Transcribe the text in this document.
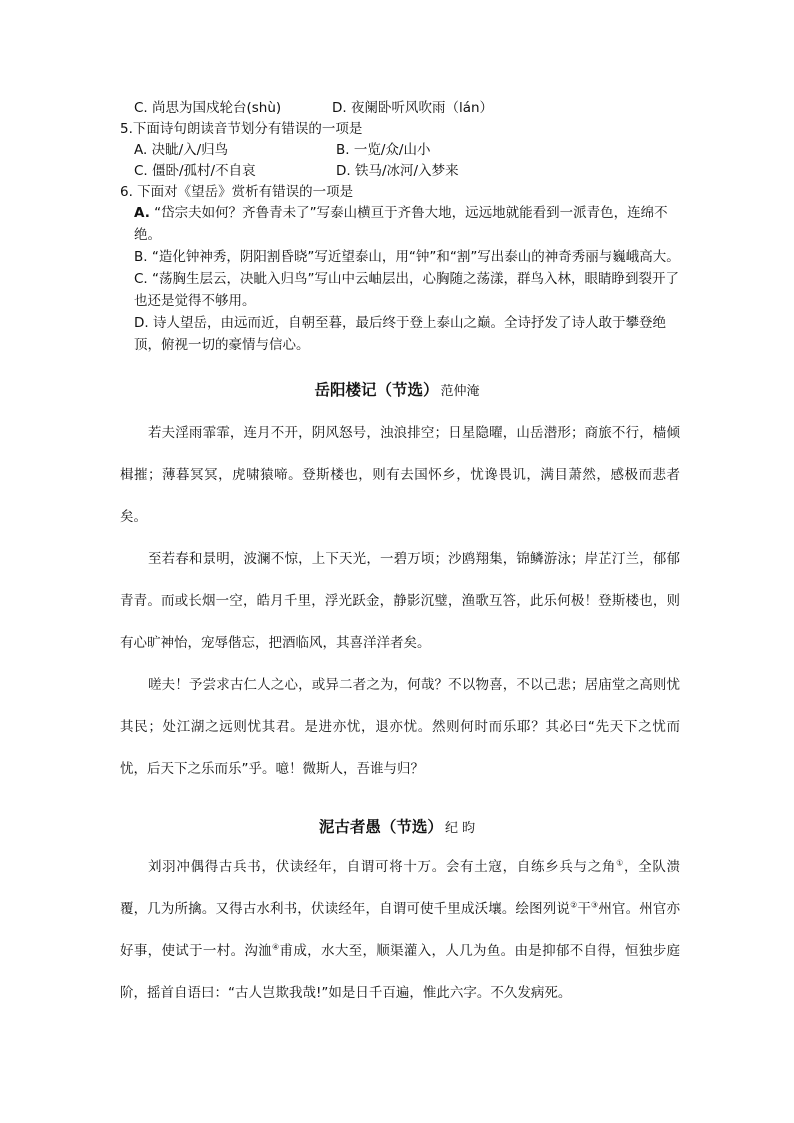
C. 尚思为国戍轮台(shù)	D. 夜阑卧听风吹雨（lán）
5.下面诗句朗读音节划分有错误的一项是
A. 决眦/入/归鸟	B. 一览/众/山小
C. 僵卧/孤村/不自哀	D. 铁马/冰河/入梦来
6. 下面对《望岳》赏析有错误的一项是
A. “岱宗夫如何？齐鲁青未了”写泰山横亘于齐鲁大地，远远地就能看到一派青色，连绵不绝。
B. “造化钟神秀，阴阳割昏晓”写近望泰山，用“钟”和“割”写出泰山的神奇秀丽与巍峨高大。
C. “荡胸生层云，决眦入归鸟”写山中云岫层出，心胸随之荡漾，群鸟入林，眼睛睁到裂开了也还是觉得不够用。
D. 诗人望岳，由远而近，自朝至暮，最后终于登上泰山之巅。全诗抒发了诗人敢于攀登绝顶，俯视一切的豪情与信心。
岳阳楼记（节选） 范仲淹
若夫淫雨霏霏，连月不开，阴风怒号，浊浪排空；日星隐曜，山岳潜形；商旅不行，樯倾楫摧；薄暮冥冥，虎啸猿啼。登斯楼也，则有去国怀乡，忧谗畏讥，满目萧然，感极而悲者矣。
至若春和景明，波澜不惊，上下天光，一碧万顷；沙鸥翔集，锦鳞游泳；岸芷汀兰，郁郁青青。而或长烟一空，皓月千里，浮光跃金，静影沉璧，渔歌互答，此乐何极！登斯楼也，则有心旷神怡，宠辱偕忘，把酒临风，其喜洋洋者矣。
嗟夫！予尝求古仁人之心，或异二者之为，何哉？不以物喜，不以己悲；居庙堂之高则忧其民；处江湖之远则忧其君。是进亦忧，退亦忧。然则何时而乐耶？其必曰“先天下之忧而忧，后天下之乐而乐”乎。噫！微斯人，吾谁与归？
泥古者愚（节选） 纪 昀
刘羽冲偶得古兵书，伏读经年，自谓可将十万。会有土寇，自练乡兵与之角①，全队溃覆，几为所擒。又得古水利书，伏读经年，自谓可使千里成沃壤。绘图列说②干③州官。州官亦好事，使试于一村。沟洫④甫成，水大至，顺渠灌入，人几为鱼。由是抑郁不自得，恒独步庭阶，摇首自语曰：“古人岂欺我哉!”如是日千百遍，惟此六字。不久发病死。
